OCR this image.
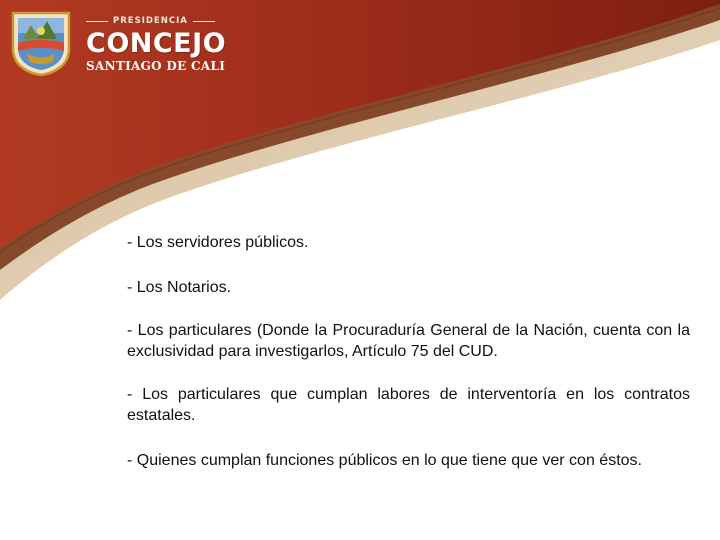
PRESIDENCIA
CONCEJO
SANTIAGO DE CALI

- Los servidores públicos.

- Los Notarios.

- Los particulares (Donde la Procuraduría General de la Nación, cuenta con la exclusividad para investigarlos, Artículo 75 del CUD.

- Los particulares que cumplan labores de interventoría en los contratos estatales.

- Quienes cumplan funciones públicos en lo que tiene que ver con éstos.
